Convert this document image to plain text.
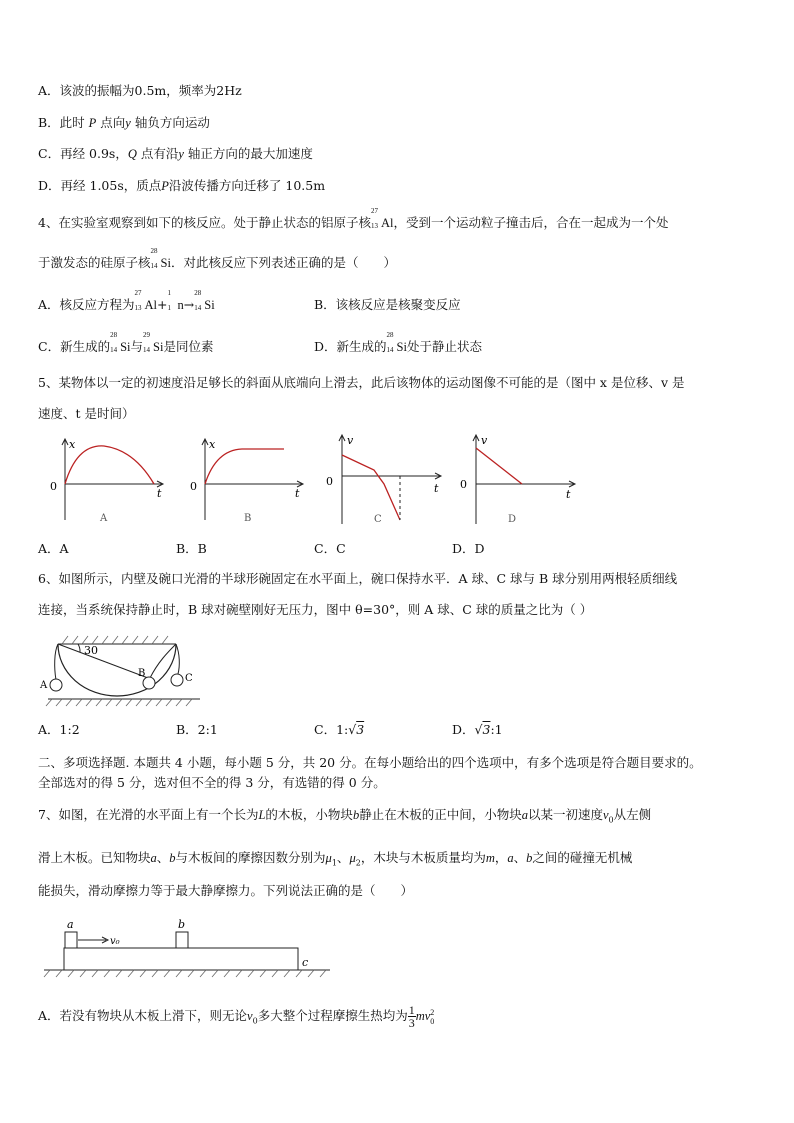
A．该波的振幅为0.5m，频率为2Hz
B．此时 P 点向y 轴负方向运动
C．再经 0.9s，Q 点有沿y 轴正方向的最大加速度
D．再经 1.05s，质点P沿波传播方向迁移了 10.5m
4、在实验室观察到如下的核反应。处于静止状态的铝原子核
27
13 Al，受到一个运动粒子撞击后，合在一起成为一个处
于激发态的硅原子核
28
14 Si．对此核反应下列表述正确的是（　　）
A．核反应方程为
27
13 Al+
1
1 n→
28
14 Si	B．该核反应是核聚变反应
C．新生成的
28
14 Si与
29
14 Si是同位素	D．新生成的
28
14 Si处于静止状态
5、某物体以一定的初速度沿足够长的斜面从底端向上滑去，此后该物体的运动图像不可能的是（图中 x 是位移、v 是
速度、t 是时间）
x
t
0
A
x
t
0
B
v
t
0
C
v
t
0
D
A．A	B．B	C．C	D．D
6、如图所示，内壁及碗口光滑的半球形碗固定在水平面上，碗口保持水平．A 球、C 球与 B 球分别用两根轻质细线
连接，当系统保持静止时，B 球对碗壁刚好无压力，图中 θ=30°，则 A 球、C 球的质量之比为（ ）
30
A
B	C
A．1:2	B．2:1	C．1:√3	D．√3:1
二、多项选择题. 本题共 4 小题，每小题 5 分，共 20 分。在每小题给出的四个选项中，有多个选项是符合题目要求的。
全部选对的得 5 分，选对但不全的得 3 分，有选错的得 0 分。
7、如图，在光滑的水平面上有一个长为L的木板，小物块b静止在木板的正中间，小物块a以某一初速度$v_0$从左侧
滑上木板。已知物块a、b与木板间的摩擦因数分别为$\mu_1$、$\mu_2$，木块与木板质量均为m，a、b之间的碰撞无机械
能损失，滑动摩擦力等于最大静摩擦力。下列说法正确的是（　　）
v₀
a	b
c
A．若没有物块从木板上滑下，则无论$v_0$多大整个过程摩擦生热均为 $\frac{1}{3}$ mv 2
0
